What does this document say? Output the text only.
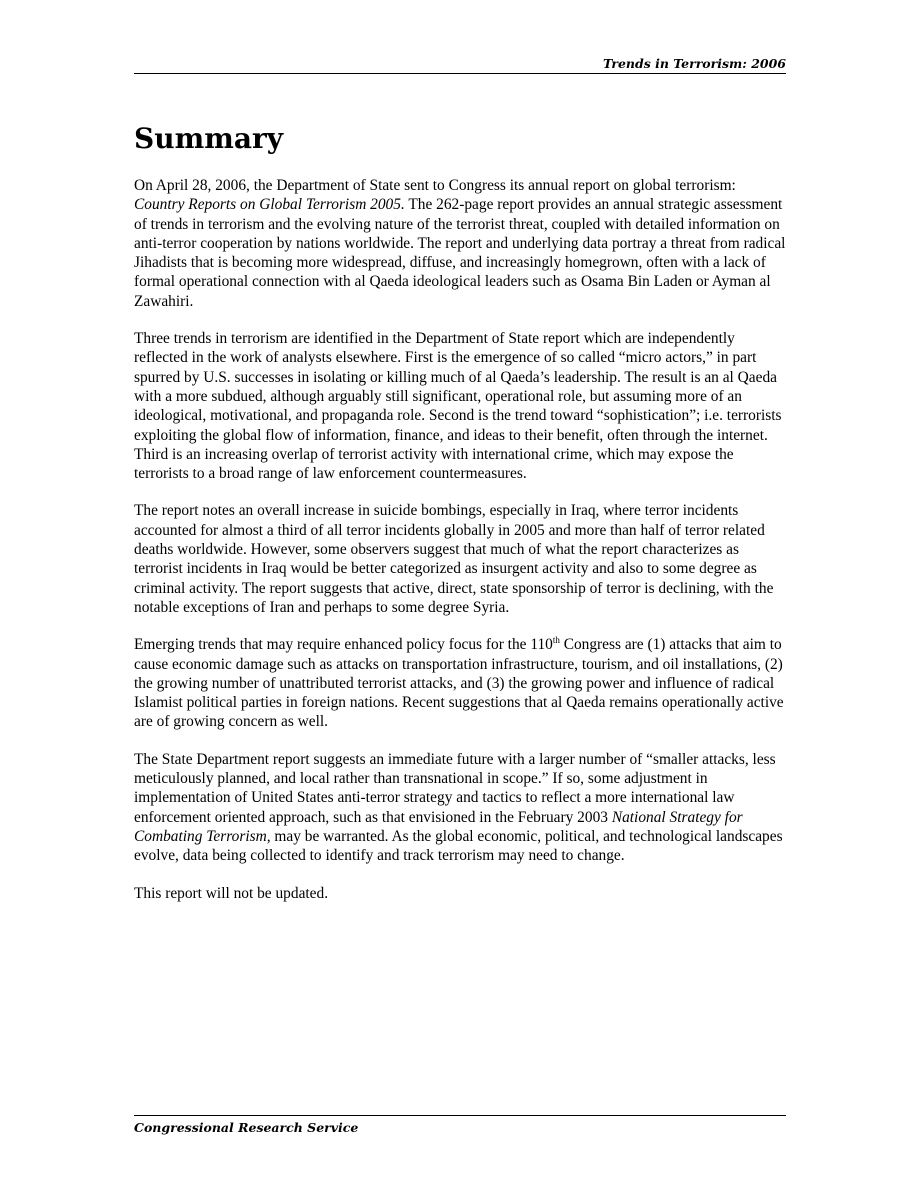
Trends in Terrorism: 2006
Summary

On April 28, 2006, the Department of State sent to Congress its annual report on global terrorism: Country Reports on Global Terrorism 2005. The 262-page report provides an annual strategic assessment of trends in terrorism and the evolving nature of the terrorist threat, coupled with detailed information on anti-terror cooperation by nations worldwide. The report and underlying data portray a threat from radical Jihadists that is becoming more widespread, diffuse, and increasingly homegrown, often with a lack of formal operational connection with al Qaeda ideological leaders such as Osama Bin Laden or Ayman al Zawahiri.

Three trends in terrorism are identified in the Department of State report which are independently reflected in the work of analysts elsewhere. First is the emergence of so called “micro actors,” in part spurred by U.S. successes in isolating or killing much of al Qaeda’s leadership. The result is an al Qaeda with a more subdued, although arguably still significant, operational role, but assuming more of an ideological, motivational, and propaganda role. Second is the trend toward “sophistication”; i.e. terrorists exploiting the global flow of information, finance, and ideas to their benefit, often through the internet. Third is an increasing overlap of terrorist activity with international crime, which may expose the terrorists to a broad range of law enforcement countermeasures.

The report notes an overall increase in suicide bombings, especially in Iraq, where terror incidents accounted for almost a third of all terror incidents globally in 2005 and more than half of terror related deaths worldwide. However, some observers suggest that much of what the report characterizes as terrorist incidents in Iraq would be better categorized as insurgent activity and also to some degree as criminal activity. The report suggests that active, direct, state sponsorship of terror is declining, with the notable exceptions of Iran and perhaps to some degree Syria.

Emerging trends that may require enhanced policy focus for the 110th Congress are (1) attacks that aim to cause economic damage such as attacks on transportation infrastructure, tourism, and oil installations, (2) the growing number of unattributed terrorist attacks, and (3) the growing power and influence of radical Islamist political parties in foreign nations. Recent suggestions that al Qaeda remains operationally active are of growing concern as well.

The State Department report suggests an immediate future with a larger number of “smaller attacks, less meticulously planned, and local rather than transnational in scope.” If so, some adjustment in implementation of United States anti-terror strategy and tactics to reflect a more international law enforcement oriented approach, such as that envisioned in the February 2003 National Strategy for Combating Terrorism, may be warranted. As the global economic, political, and technological landscapes evolve, data being collected to identify and track terrorism may need to change.

This report will not be updated.

Congressional Research Service
